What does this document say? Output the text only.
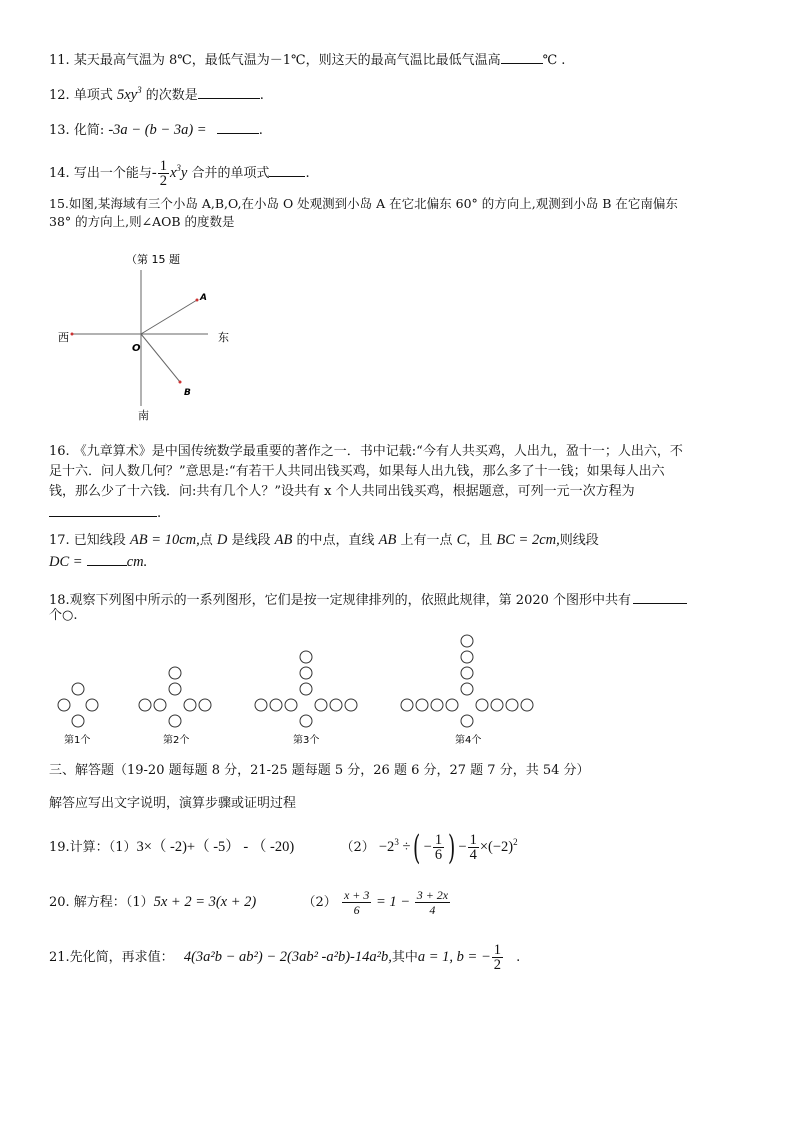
11. 某天最高气温为 8℃，最低气温为－1℃，则这天的最高气温比最低气温高	℃ .
12. 单项式 $5xy^3$ 的次数是	.
13. 化简: -3a − (b − 3a) =	.
14. 写出一个能与- $\frac{1}{2} x^3y$ 合并的单项式	.
15.如图,某海域有三个小岛 A,B,O,在小岛 O 处观测到小岛 A 在它北偏东 60° 的方向上,观测到小岛 B 在它南偏东
38° 的方向上,则∠AOB 的度数是
（第 15 题
A
B
O
西	东
南
16. 《九章算术》是中国传统数学最重要的著作之一．书中记载:“今有人共买鸡，人出九，盈十一；人出六，不
足十六．问人数几何？”意思是:“有若干人共同出钱买鸡，如果每人出九钱，那么多了十一钱；如果每人出六
钱，那么少了十六钱．问:共有几个人？”设共有 x 个人共同出钱买鸡，根据题意，可列一元一次方程为
.
17. 已知线段 AB = 10cm,点 D 是线段 AB 的中点，直线 AB 上有一点 C，且 BC = 2cm,则线段
DC =	cm.
18.观察下列图中所示的一系列图形，它们是按一定规律排列的，依照此规律，第 2020 个图形中共有
个○.
第1个	第2个	第3个	第4个
三、解答题（19-20 题每题 8 分，21-25 题每题 5 分，26 题 6 分，27 题 7 分，共 54 分）
解答应写出文字说明，演算步骤或证明过程
19.计算：（1）3×（ -2)+（ -5） - （ -20)	$(2) -2^3$ ÷( − $\frac{1}{6}$ ) − $\frac{1}{4} \times(-2)^2$
20. 解方程：（1）5x + 2 = 3(x + 2)	$(2) \frac{x + 3}{6} = 1 - \frac{3 + 2x}{4}$
21.先化简，再求值： 4(3a²b − ab²) − 2(3ab² -a²b)-14a²b,其中a = 1, b = − $\frac{1}{2}$ .
